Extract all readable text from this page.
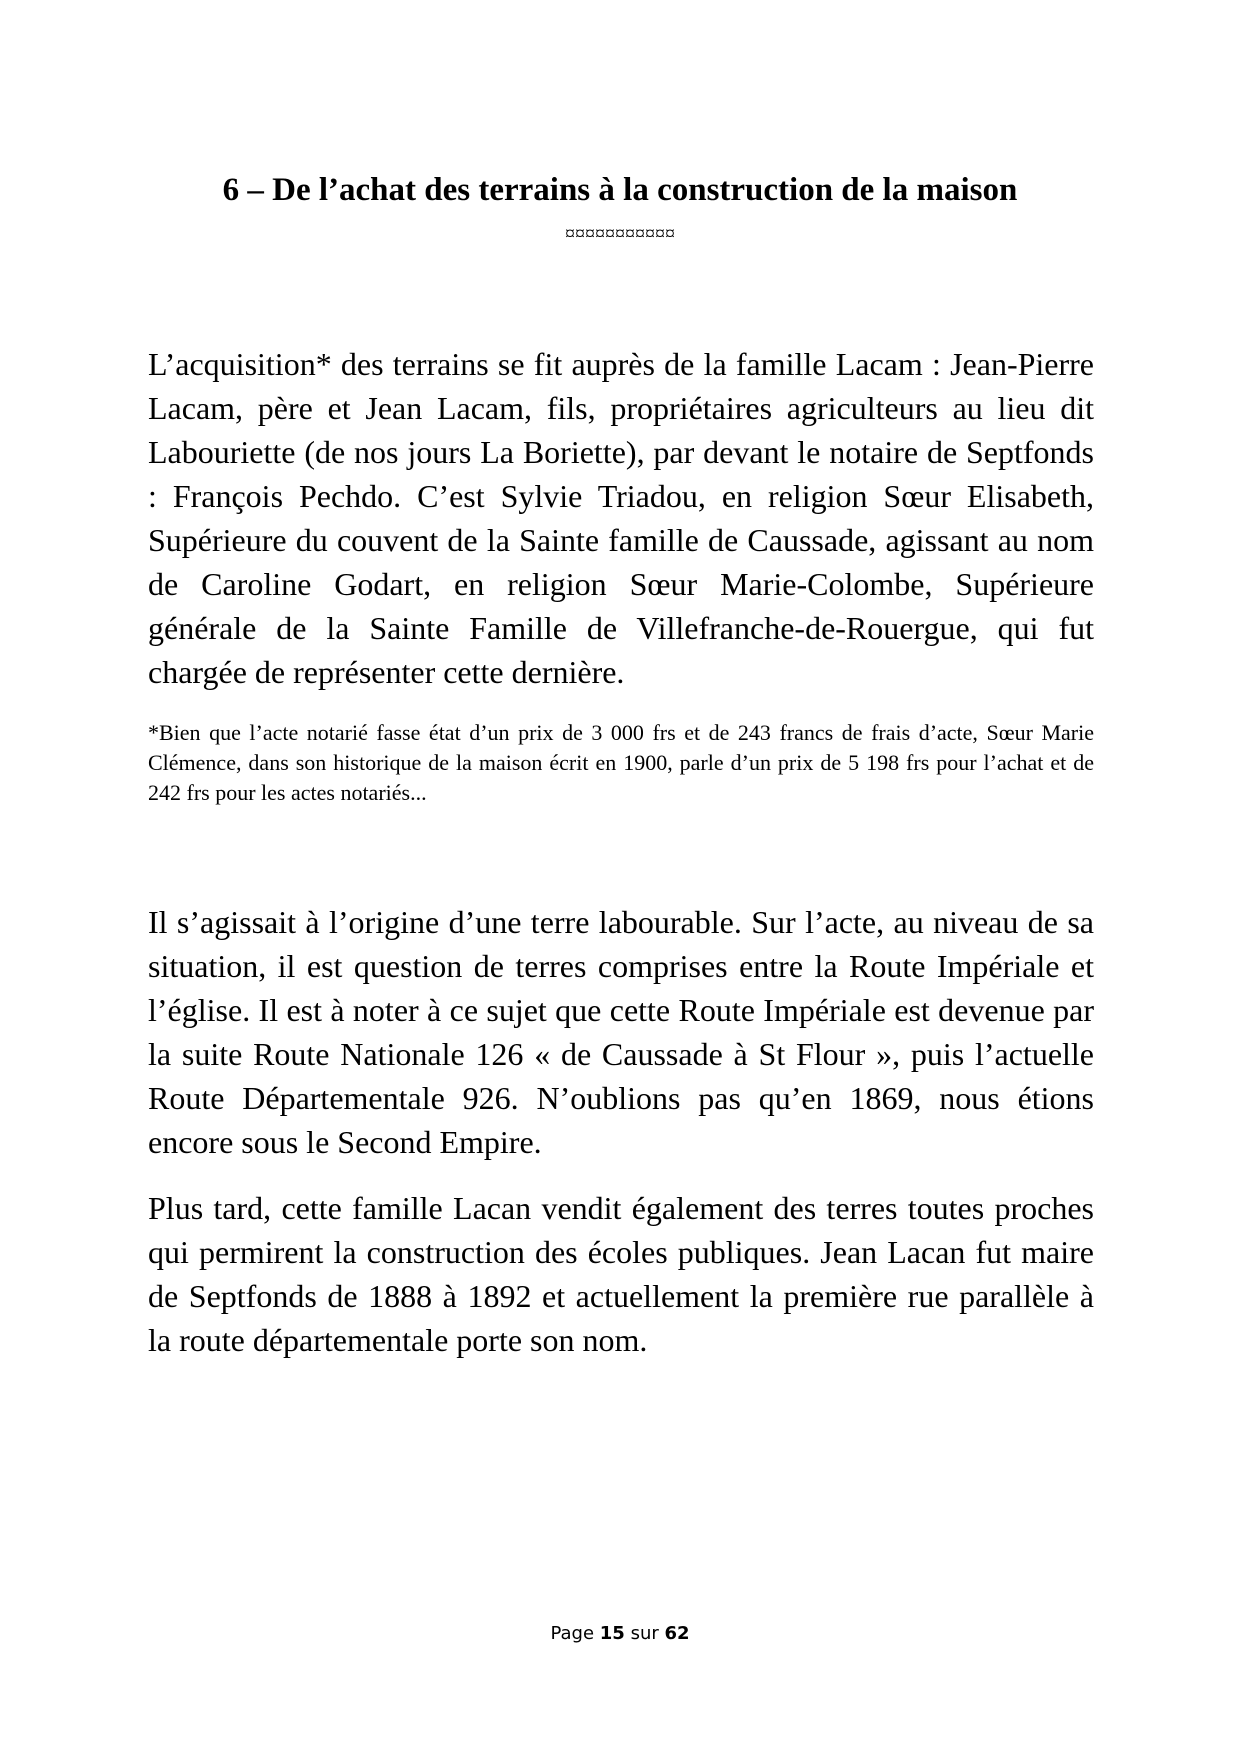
6 – De l’achat des terrains à la construction de la maison
¤¤¤¤¤¤¤¤¤¤¤

L’acquisition* des terrains se fit auprès de la famille Lacam : Jean-Pierre Lacam, père et Jean Lacam, fils, propriétaires agriculteurs au lieu dit Labouriette (de nos jours La Boriette), par devant le notaire de Septfonds : François Pechdo. C’est Sylvie Triadou, en religion Sœur Elisabeth, Supérieure du couvent de la Sainte famille de Caussade, agissant au nom de Caroline Godart, en religion Sœur Marie-Colombe, Supérieure générale de la Sainte Famille de Villefranche-de-Rouergue, qui fut chargée de représenter cette dernière.

*Bien que l’acte notarié fasse état d’un prix de 3 000 frs et de 243 francs de frais d’acte, Sœur Marie Clémence, dans son historique de la maison écrit en 1900, parle d’un prix de 5 198 frs pour l’achat et de 242 frs pour les actes notariés...

Il s’agissait à l’origine d’une terre labourable. Sur l’acte, au niveau de sa situation, il est question de terres comprises entre la Route Impériale et l’église. Il est à noter à ce sujet que cette Route Impériale est devenue par la suite Route Nationale 126 « de Caussade à St Flour », puis l’actuelle Route Départementale 926. N’oublions pas qu’en 1869, nous étions encore sous le Second Empire.

Plus tard, cette famille Lacan vendit également des terres toutes proches qui permirent la construction des écoles publiques. Jean Lacan fut maire de Septfonds de 1888 à 1892 et actuellement la première rue parallèle à la route départementale porte son nom.

Page 15 sur 62
